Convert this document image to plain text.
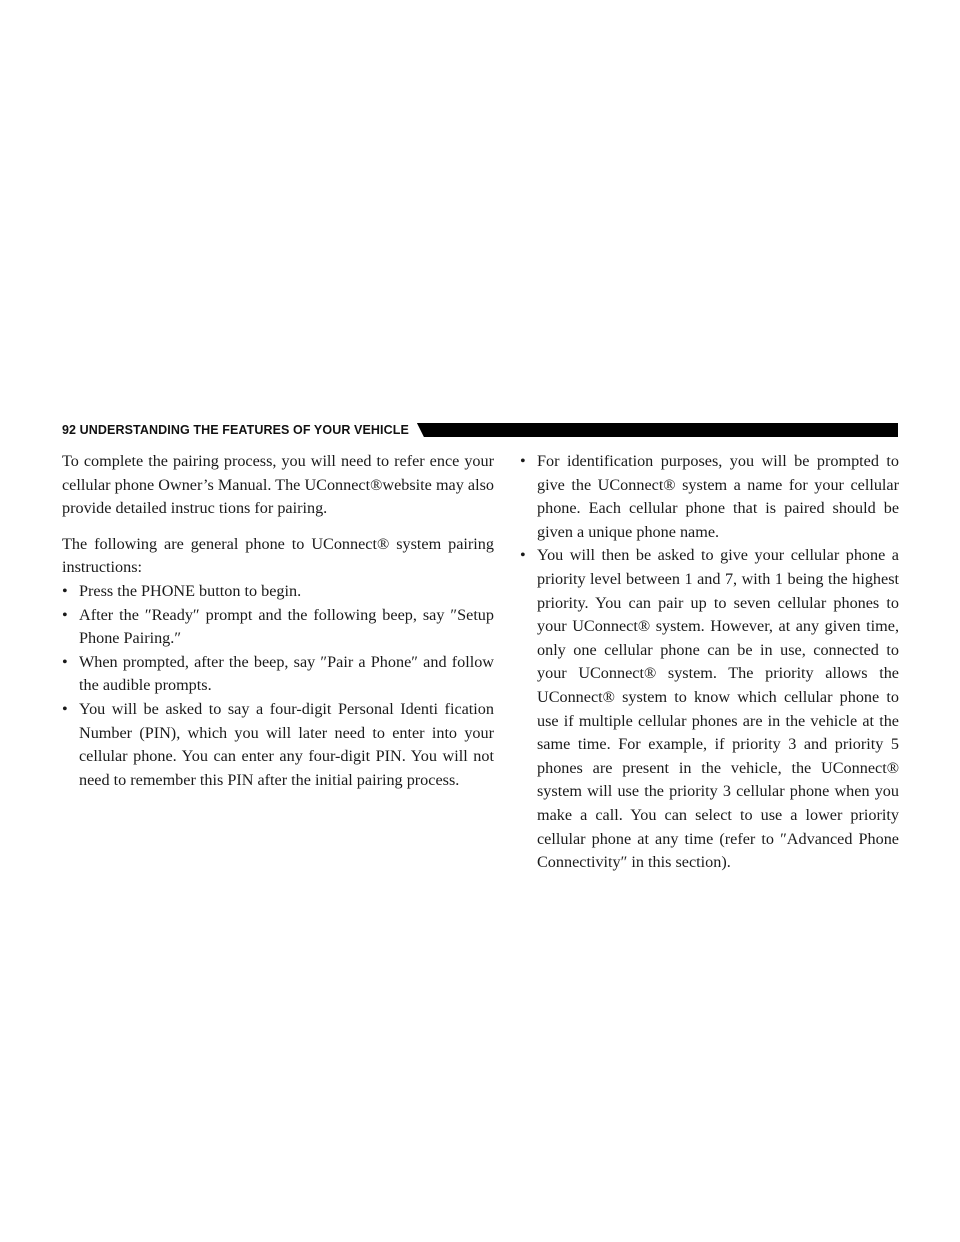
92 UNDERSTANDING THE FEATURES OF YOUR VEHICLE

To complete the pairing process, you will need to refer ence your cellular phone Owner’s Manual. The UConnect®website may also provide detailed instruc tions for pairing.

The following are general phone to UConnect® system pairing instructions:

• Press the PHONE button to begin.
• After the ″Ready″ prompt and the following beep, say ″Setup Phone Pairing.″
• When prompted, after the beep, say ″Pair a Phone″ and follow the audible prompts.
• You will be asked to say a four-digit Personal Identi fication Number (PIN), which you will later need to enter into your cellular phone. You can enter any four-digit PIN. You will not need to remember this PIN after the initial pairing process.
• For identification purposes, you will be prompted to give the UConnect® system a name for your cellular phone. Each cellular phone that is paired should be given a unique phone name.
• You will then be asked to give your cellular phone a priority level between 1 and 7, with 1 being the highest priority. You can pair up to seven cellular phones to your UConnect® system. However, at any given time, only one cellular phone can be in use, connected to your UConnect® system. The priority allows the UConnect® system to know which cellular phone to use if multiple cellular phones are in the vehicle at the same time. For example, if priority 3 and priority 5 phones are present in the vehicle, the UConnect® system will use the priority 3 cellular phone when you make a call. You can select to use a lower priority cellular phone at any time (refer to ″Advanced Phone Connectivity″ in this section).
